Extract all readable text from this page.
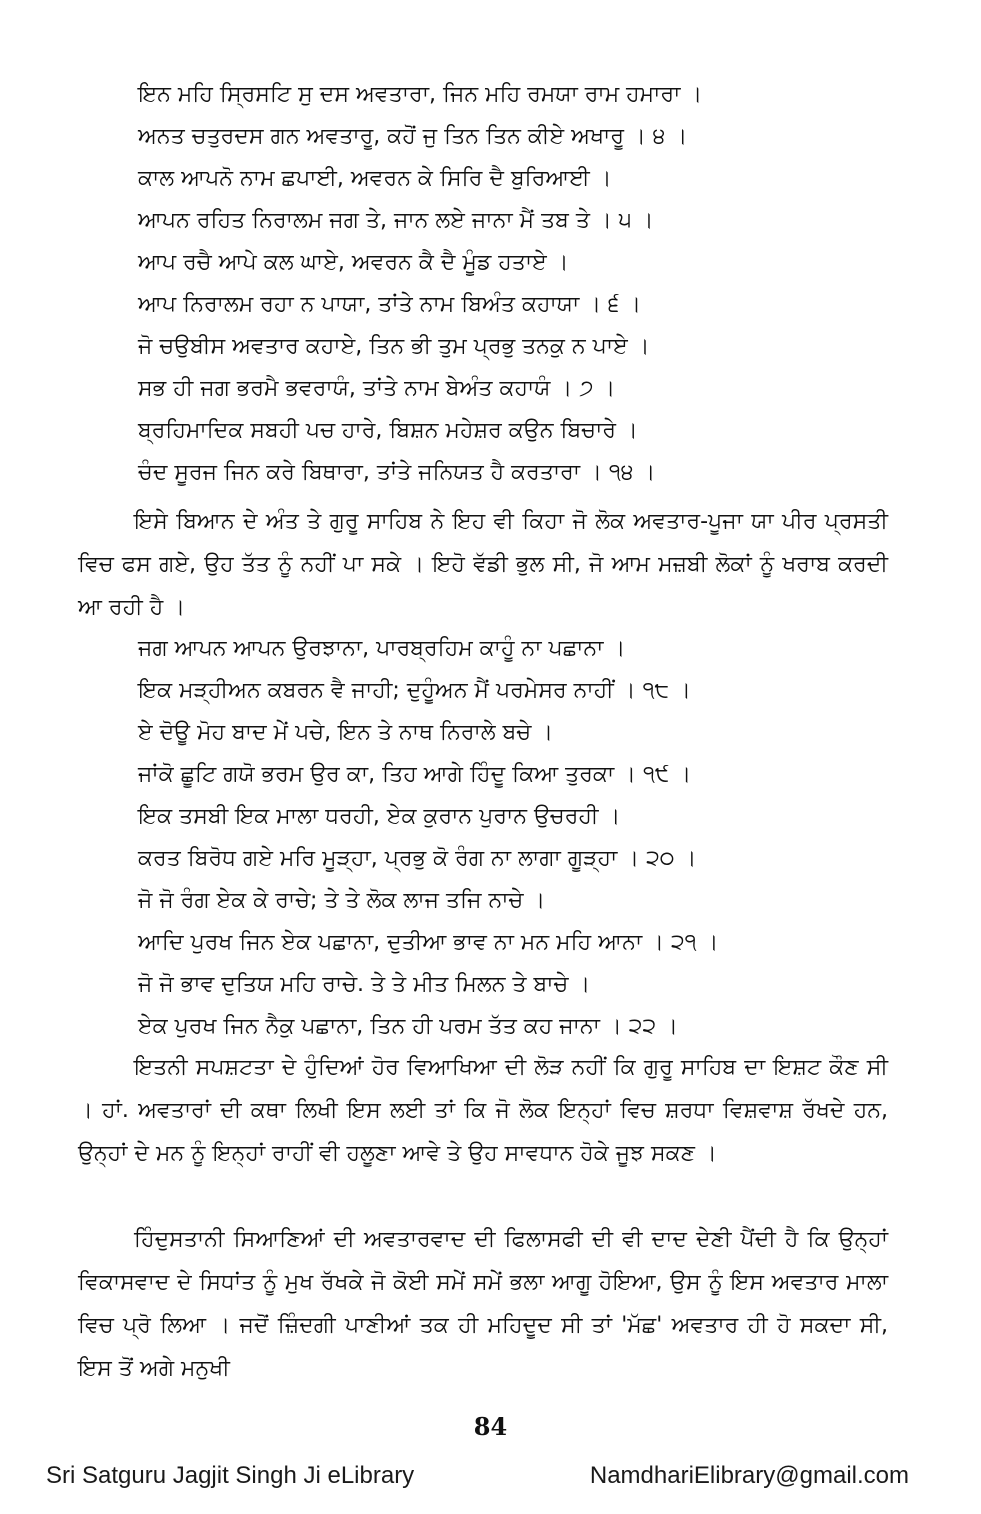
ਇਨ ਮਹਿ ਸ੍ਰਿਸਟਿ ਸੁ ਦਸ ਅਵਤਾਰਾ, ਜਿਨ ਮਹਿ ਰਮਯਾ ਰਾਮ ਹਮਾਰਾ ।
ਅਨਤ ਚਤੁਰਦਸ ਗਨ ਅਵਤਾਰੂ, ਕਹੋਂ ਜੁ ਤਿਨ ਤਿਨ ਕੀਏ ਅਖਾਰੂ । ੪ ।
ਕਾਲ ਆਪਨੋ ਨਾਮ ਛਪਾਈ, ਅਵਰਨ ਕੇ ਸਿਰਿ ਦੈ ਬੁਰਿਆਈ ।
ਆਪਨ ਰਹਿਤ ਨਿਰਾਲਮ ਜਗ ਤੇ, ਜਾਨ ਲਏ ਜਾਨਾ ਮੈਂ ਤਬ ਤੇ । ੫ ।
ਆਪ ਰਚੈ ਆਪੇ ਕਲ ਘਾਏ, ਅਵਰਨ ਕੈ ਦੈ ਮੂੰਡ ਹਤਾਏ ।
ਆਪ ਨਿਰਾਲਮ ਰਹਾ ਨ ਪਾਯਾ, ਤਾਂਤੇ ਨਾਮ ਬਿਅੰਤ ਕਹਾਯਾ । ੬ ।
ਜੋ ਚਉਬੀਸ ਅਵਤਾਰ ਕਹਾਏ, ਤਿਨ ਭੀ ਤੁਮ ਪ੍ਰਭੁ ਤਨਕੁ ਨ ਪਾਏ ।
ਸਭ ਹੀ ਜਗ ਭਰਮੈ ਭਵਰਾਯੰ, ਤਾਂਤੇ ਨਾਮ ਬੇਅੰਤ ਕਹਾਯੰ । ੭ ।
ਬ੍ਰਹਿਮਾਦਿਕ ਸਬਹੀ ਪਚ ਹਾਰੇ, ਬਿਸ਼ਨ ਮਹੇਸ਼ਰ ਕਉਨ ਬਿਚਾਰੇ ।
ਚੰਦ ਸੂਰਜ ਜਿਨ ਕਰੇ ਬਿਥਾਰਾ, ਤਾਂਤੇ ਜਨਿਯਤ ਹੈ ਕਰਤਾਰਾ । ੧੪ ।
ਇਸੇ ਬਿਆਨ ਦੇ ਅੰਤ ਤੇ ਗੁਰੂ ਸਾਹਿਬ ਨੇ ਇਹ ਵੀ ਕਿਹਾ ਜੋ ਲੋਕ ਅਵਤਾਰ-ਪੂਜਾ ਯਾ ਪੀਰ ਪ੍ਰਸਤੀ ਵਿਚ ਫਸ ਗਏ, ਉਹ ਤੱਤ ਨੂੰ ਨਹੀਂ ਪਾ ਸਕੇ । ਇਹੋ ਵੱਡੀ ਭੁਲ ਸੀ, ਜੋ ਆਮ ਮਜ਼ਬੀ ਲੋਕਾਂ ਨੂੰ ਖਰਾਬ ਕਰਦੀ ਆ ਰਹੀ ਹੈ ।
ਜਗ ਆਪਨ ਆਪਨ ਉਰਝਾਨਾ, ਪਾਰਬ੍ਰਹਿਮ ਕਾਹੂੰ ਨਾ ਪਛਾਨਾ ।
ਇਕ ਮੜ੍ਹੀਅਨ ਕਬਰਨ ਵੈ ਜਾਹੀ; ਦੁਹੂੰਅਨ ਮੈਂ ਪਰਮੇਸਰ ਨਾਹੀਂ । ੧੮ ।
ਏ ਦੋਊ ਮੋਹ ਬਾਦ ਮੇਂ ਪਚੇ, ਇਨ ਤੇ ਨਾਥ ਨਿਰਾਲੇ ਬਚੇ ।
ਜਾਂਕੋ ਛੂਟਿ ਗਯੋ ਭਰਮ ਉਰ ਕਾ, ਤਿਹ ਆਗੇ ਹਿੰਦੂ ਕਿਆ ਤੁਰਕਾ । ੧੯ ।
ਇਕ ਤਸਬੀ ਇਕ ਮਾਲਾ ਧਰਹੀ, ਏਕ ਕੁਰਾਨ ਪੁਰਾਨ ਉਚਰਹੀ ।
ਕਰਤ ਬਿਰੋਧ ਗਏ ਮਰਿ ਮੂੜ੍ਹਾ, ਪ੍ਰਭੁ ਕੋ ਰੰਗ ਨਾ ਲਾਗਾ ਗੂੜ੍ਹਾ । ੨੦ ।
ਜੋ ਜੋ ਰੰਗ ਏਕ ਕੇ ਰਾਚੇ; ਤੇ ਤੇ ਲੋਕ ਲਾਜ ਤਜਿ ਨਾਚੇ ।
ਆਦਿ ਪੁਰਖ ਜਿਨ ਏਕ ਪਛਾਨਾ, ਦੁਤੀਆ ਭਾਵ ਨਾ ਮਨ ਮਹਿ ਆਨਾ । ੨੧ ।
ਜੋ ਜੋ ਭਾਵ ਦੁਤਿਯ ਮਹਿ ਰਾਚੇ. ਤੇ ਤੇ ਮੀਤ ਮਿਲਨ ਤੇ ਬਾਚੇ ।
ਏਕ ਪੁਰਖ ਜਿਨ ਨੈਕੁ ਪਛਾਨਾ, ਤਿਨ ਹੀ ਪਰਮ ਤੱਤ ਕਹ ਜਾਨਾ । ੨੨ ।
ਇਤਨੀ ਸਪਸ਼ਟਤਾ ਦੇ ਹੁੰਦਿਆਂ ਹੋਰ ਵਿਆਖਿਆ ਦੀ ਲੋੜ ਨਹੀਂ ਕਿ ਗੁਰੂ ਸਾਹਿਬ ਦਾ ਇਸ਼ਟ ਕੌਣ ਸੀ । ਹਾਂ. ਅਵਤਾਰਾਂ ਦੀ ਕਥਾ ਲਿਖੀ ਇਸ ਲਈ ਤਾਂ ਕਿ ਜੋ ਲੋਕ ਇਨ੍ਹਾਂ ਵਿਚ ਸ਼ਰਧਾ ਵਿਸ਼ਵਾਸ਼ ਰੱਖਦੇ ਹਨ, ਉਨ੍ਹਾਂ ਦੇ ਮਨ ਨੂੰ ਇਨ੍ਹਾਂ ਰਾਹੀਂ ਵੀ ਹਲੂਣਾ ਆਵੇ ਤੇ ਉਹ ਸਾਵਧਾਨ ਹੋਕੇ ਜੂਝ ਸਕਣ ।
ਹਿੰਦੁਸਤਾਨੀ ਸਿਆਣਿਆਂ ਦੀ ਅਵਤਾਰਵਾਦ ਦੀ ਫਿਲਾਸਫੀ ਦੀ ਵੀ ਦਾਦ ਦੇਣੀ ਪੈਂਦੀ ਹੈ ਕਿ ਉਨ੍ਹਾਂ ਵਿਕਾਸਵਾਦ ਦੇ ਸਿਧਾਂਤ ਨੂੰ ਮੁਖ ਰੱਖਕੇ ਜੋ ਕੋਈ ਸਮੇਂ ਸਮੇਂ ਭਲਾ ਆਗੂ ਹੋਇਆ, ਉਸ ਨੂੰ ਇਸ ਅਵਤਾਰ ਮਾਲਾ ਵਿਚ ਪ੍ਰੋ ਲਿਆ । ਜਦੋਂ ਜ਼ਿੰਦਗੀ ਪਾਣੀਆਂ ਤਕ ਹੀ ਮਹਿਦੂਦ ਸੀ ਤਾਂ 'ਮੱਛ' ਅਵਤਾਰ ਹੀ ਹੋ ਸਕਦਾ ਸੀ, ਇਸ ਤੋਂ ਅਗੇ ਮਨੁਖੀ
84
Sri Satguru Jagjit Singh Ji eLibrary	NamdhariElibrary@gmail.com
